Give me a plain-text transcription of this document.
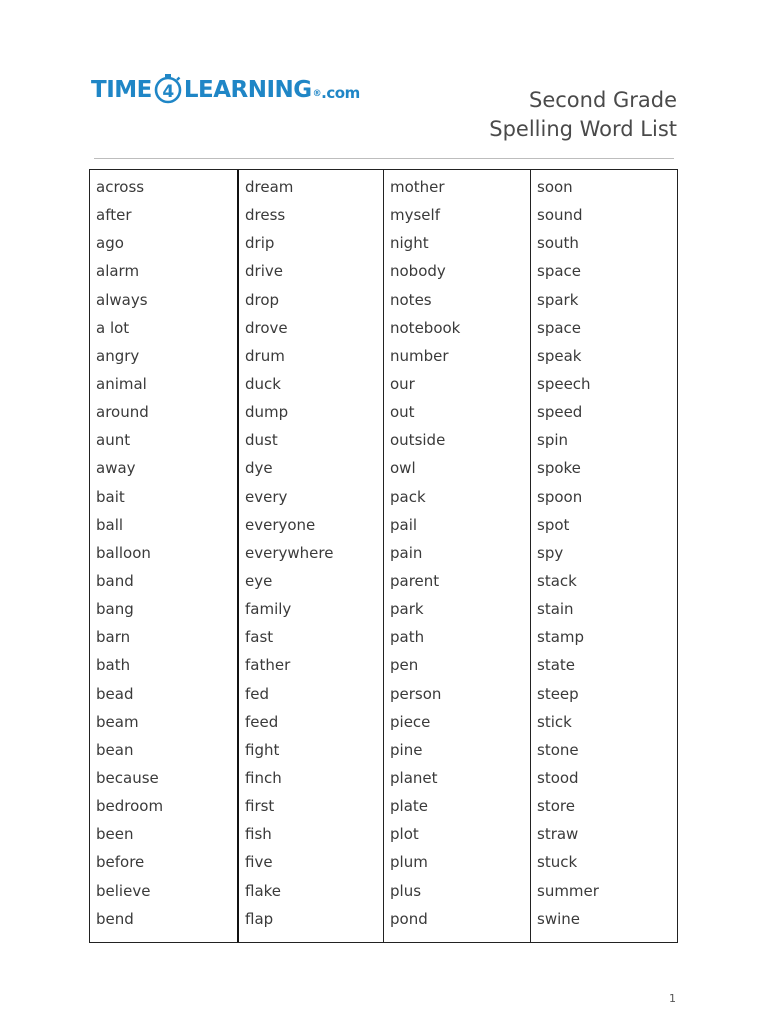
TIME 4 LEARNING ® .com	Second Grade
Spelling Word List
across
after
ago
alarm
always
a lot
angry
animal
around
aunt
away
bait
ball
balloon
band
bang
barn
bath
bead
beam
bean
because
bedroom
been
before
believe
bend
dream
dress
drip
drive
drop
drove
drum
duck
dump
dust
dye
every
everyone
everywhere
eye
family
fast
father
fed
feed
fight
finch
first
fish
five
flake
flap
mother
myself
night
nobody
notes
notebook
number
our
out
outside
owl
pack
pail
pain
parent
park
path
pen
person
piece
pine
planet
plate
plot
plum
plus
pond
soon
sound
south
space
spark
space
speak
speech
speed
spin
spoke
spoon
spot
spy
stack
stain
stamp
state
steep
stick
stone
stood
store
straw
stuck
summer
swine
1
